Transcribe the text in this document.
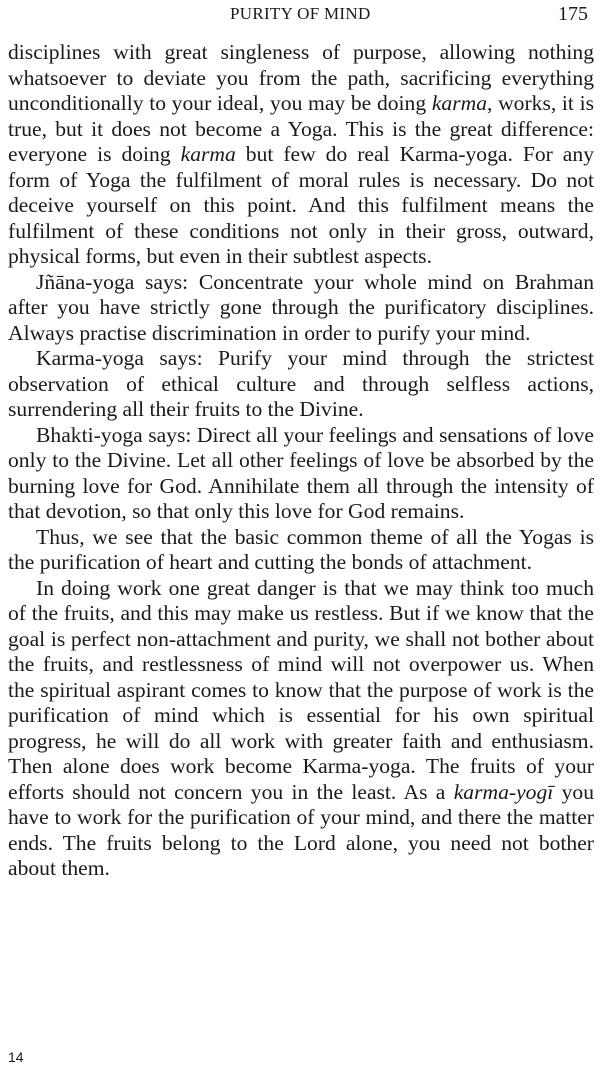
PURITY OF MIND	175

disciplines with great singleness of purpose, allowing nothing whatsoever to deviate you from the path, sacrificing everything unconditionally to your ideal, you may be doing karma, works, it is true, but it does not become a Yoga. This is the great difference: everyone is doing karma but few do real Karma-yoga. For any form of Yoga the fulfilment of moral rules is necessary. Do not deceive yourself on this point. And this fulfilment means the fulfilment of these conditions not only in their gross, outward, physical forms, but even in their subtlest aspects.

Jñāna-yoga says: Concentrate your whole mind on Brahman after you have strictly gone through the purificatory disciplines. Always practise discrimination in order to purify your mind.

Karma-yoga says: Purify your mind through the strictest observation of ethical culture and through selfless actions, surrendering all their fruits to the Divine.

Bhakti-yoga says: Direct all your feelings and sensations of love only to the Divine. Let all other feelings of love be absorbed by the burning love for God. Annihilate them all through the intensity of that devotion, so that only this love for God remains.

Thus, we see that the basic common theme of all the Yogas is the purification of heart and cutting the bonds of attachment.

In doing work one great danger is that we may think too much of the fruits, and this may make us restless. But if we know that the goal is perfect non-attachment and purity, we shall not bother about the fruits, and restlessness of mind will not overpower us. When the spiritual aspirant comes to know that the purpose of work is the purification of mind which is essential for his own spiritual progress, he will do all work with greater faith and enthusiasm. Then alone does work become Karma-yoga. The fruits of your efforts should not concern you in the least. As a karma-yogī you have to work for the purification of your mind, and there the matter ends. The fruits belong to the Lord alone, you need not bother about them.

14
